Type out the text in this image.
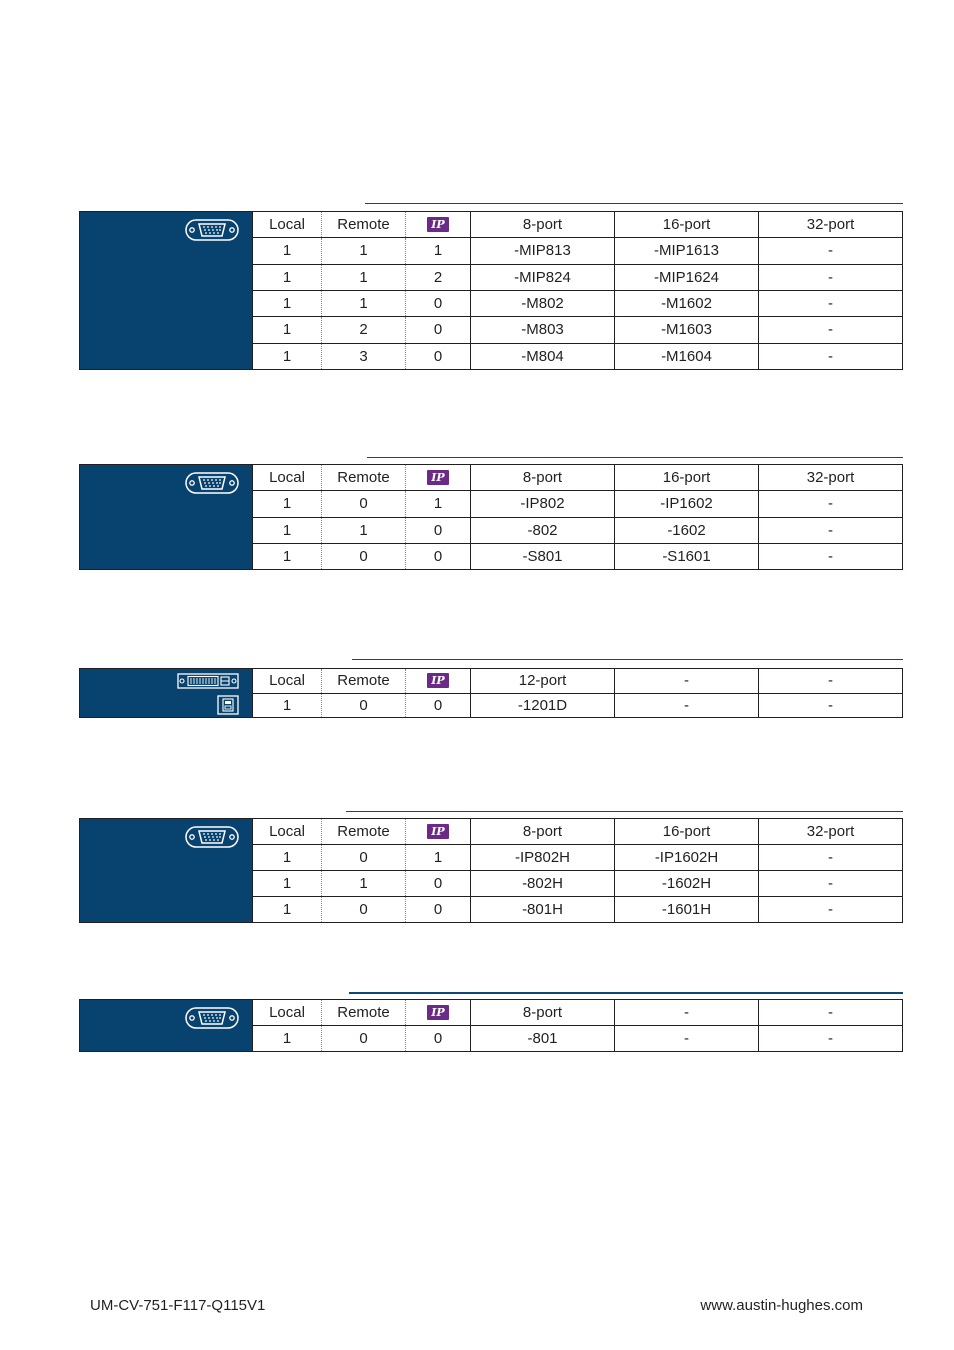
Local	Remote	IP	8-port	16-port	32-port
1	1	1	-MIP813	-MIP1613	-
1	1	2	-MIP824	-MIP1624	-
1	1	0	-M802	-M1602	-
1	2	0	-M803	-M1603	-
1	3	0	-M804	-M1604	-
Local	Remote	IP	8-port	16-port	32-port
1	0	1	-IP802	-IP1602	-
1	1	0	-802	-1602	-
1	0	0	-S801	-S1601	-
Local	Remote	IP	12-port	-	-
1	0	0	-1201D	-	-
Local	Remote	IP	8-port	16-port	32-port
1	0	1	-IP802H	-IP1602H	-
1	1	0	-802H	-1602H	-
1	0	0	-801H	-1601H	-
Local	Remote	IP	8-port	-	-
1	0	0	-801	-	-
UM-CV-751-F117-Q115V1	www.austin-hughes.com
